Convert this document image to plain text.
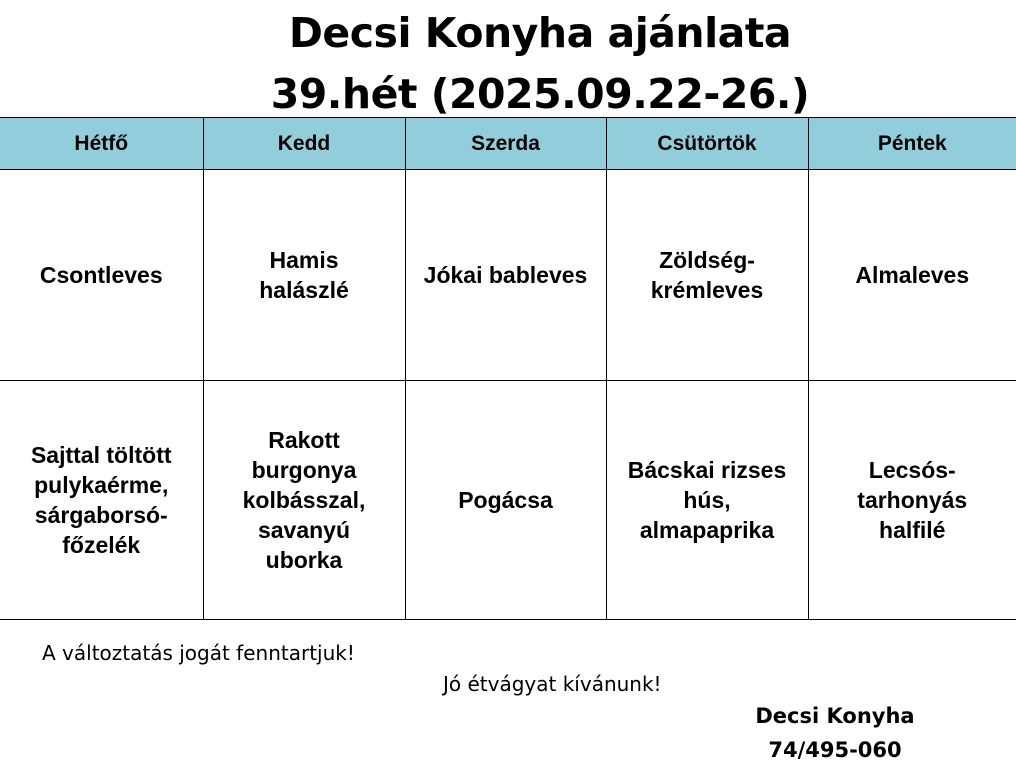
Decsi Konyha ajánlata
39.hét (2025.09.22-26.)
Hétfő	Kedd	Szerda	Csütörtök	Péntek
Csontleves	Hamis halászlé	Jókai bableves	Zöldség-krémleves	Almaleves
Sajttal töltött pulykaérme, sárgaborsó-főzelék	Rakott burgonya kolbásszal, savanyú uborka	Pogácsa	Bácskai rizses hús, almapaprika	Lecsós-tarhonyás halfilé
A változtatás jogát fenntartjuk!
Jó étvágyat kívánunk!
Decsi Konyha
74/495-060
